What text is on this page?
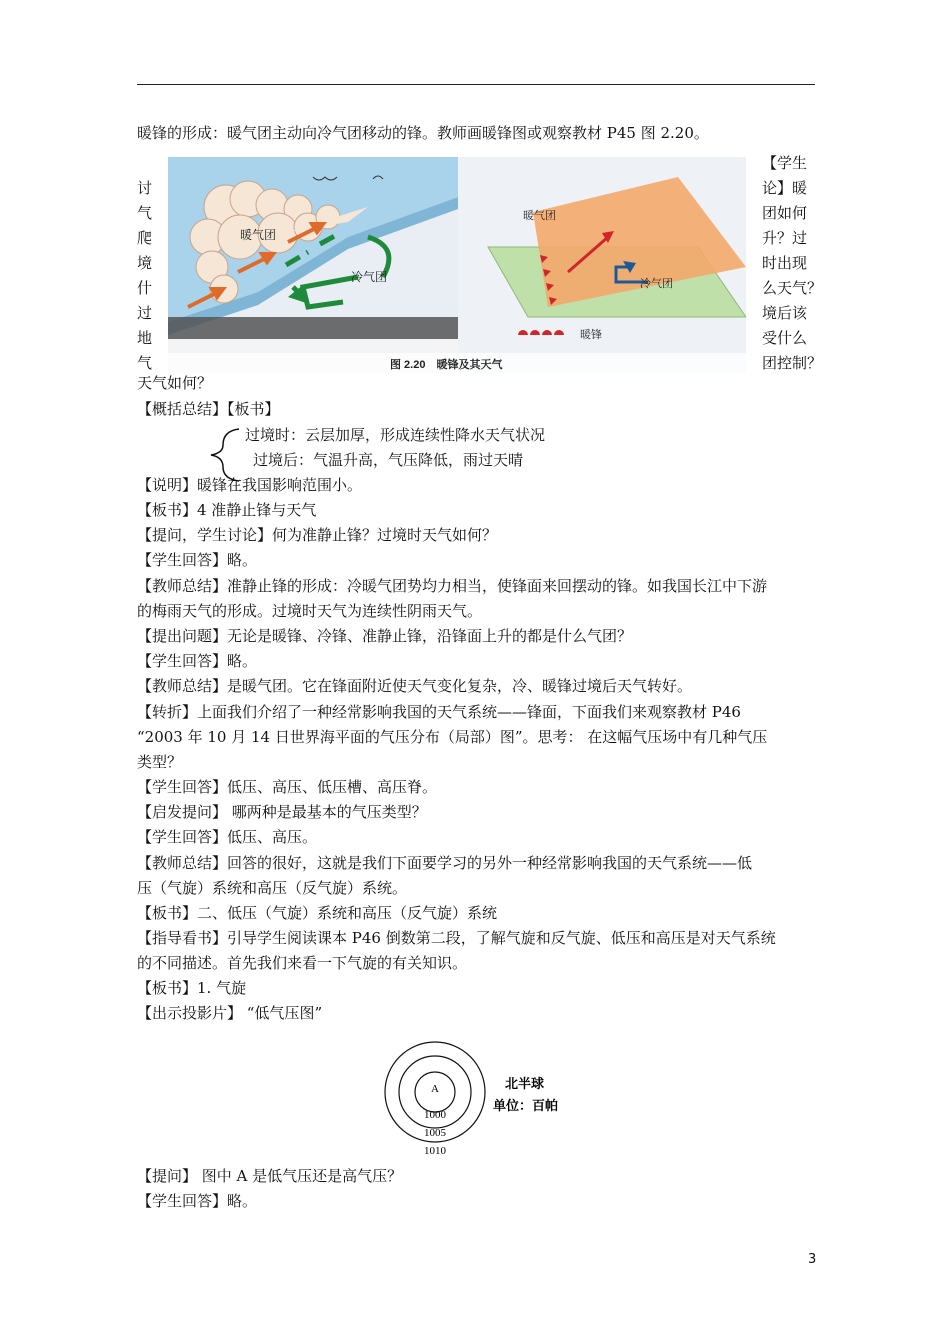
暖锋的形成：暖气团主动向冷气团移动的锋。教师画暖锋图或观察教材 P45 图 2.20。
讨
气
爬
境
什
过
地
气
【学生
论】暖
团如何
升？过
时出现
么天气？
境后该
受什么
团控制？
暖气团
冷气团
暖气团
冷气团
暖锋
图 2.20　暖锋及其天气
天气如何？
【概括总结】【板书】
过境时：云层加厚，形成连续性降水天气状况
过境后：气温升高，气压降低，雨过天晴
【说明】暖锋在我国影响范围小。
【板书】4 准静止锋与天气
【提问，学生讨论】何为准静止锋？过境时天气如何？
【学生回答】略。
【教师总结】准静止锋的形成：冷暖气团势均力相当，使锋面来回摆动的锋。如我国长江中下游
的梅雨天气的形成。过境时天气为连续性阴雨天气。
【提出问题】无论是暖锋、冷锋、准静止锋，沿锋面上升的都是什么气团？
【学生回答】略。
【教师总结】是暖气团。它在锋面附近使天气变化复杂，冷、暖锋过境后天气转好。
【转折】上面我们介绍了一种经常影响我国的天气系统——锋面，下面我们来观察教材 P46
“2003 年 10 月 14 日世界海平面的气压分布（局部）图”。思考： 在这幅气压场中有几种气压
类型？
【学生回答】低压、高压、低压槽、高压脊。
【启发提问】 哪两种是最基本的气压类型？
【学生回答】低压、高压。
【教师总结】回答的很好，这就是我们下面要学习的另外一种经常影响我国的天气系统——低
压（气旋）系统和高压（反气旋）系统。
【板书】二、低压（气旋）系统和高压（反气旋）系统
【指导看书】引导学生阅读课本 P46 倒数第二段，了解气旋和反气旋、低压和高压是对天气系统
的不同描述。首先我们来看一下气旋的有关知识。
【板书】1. 气旋
【出示投影片】 “低气压图”
A
1000
1005
1010
北半球
单位：百帕
【提问】 图中 A 是低气压还是高气压？
【学生回答】略。
3
